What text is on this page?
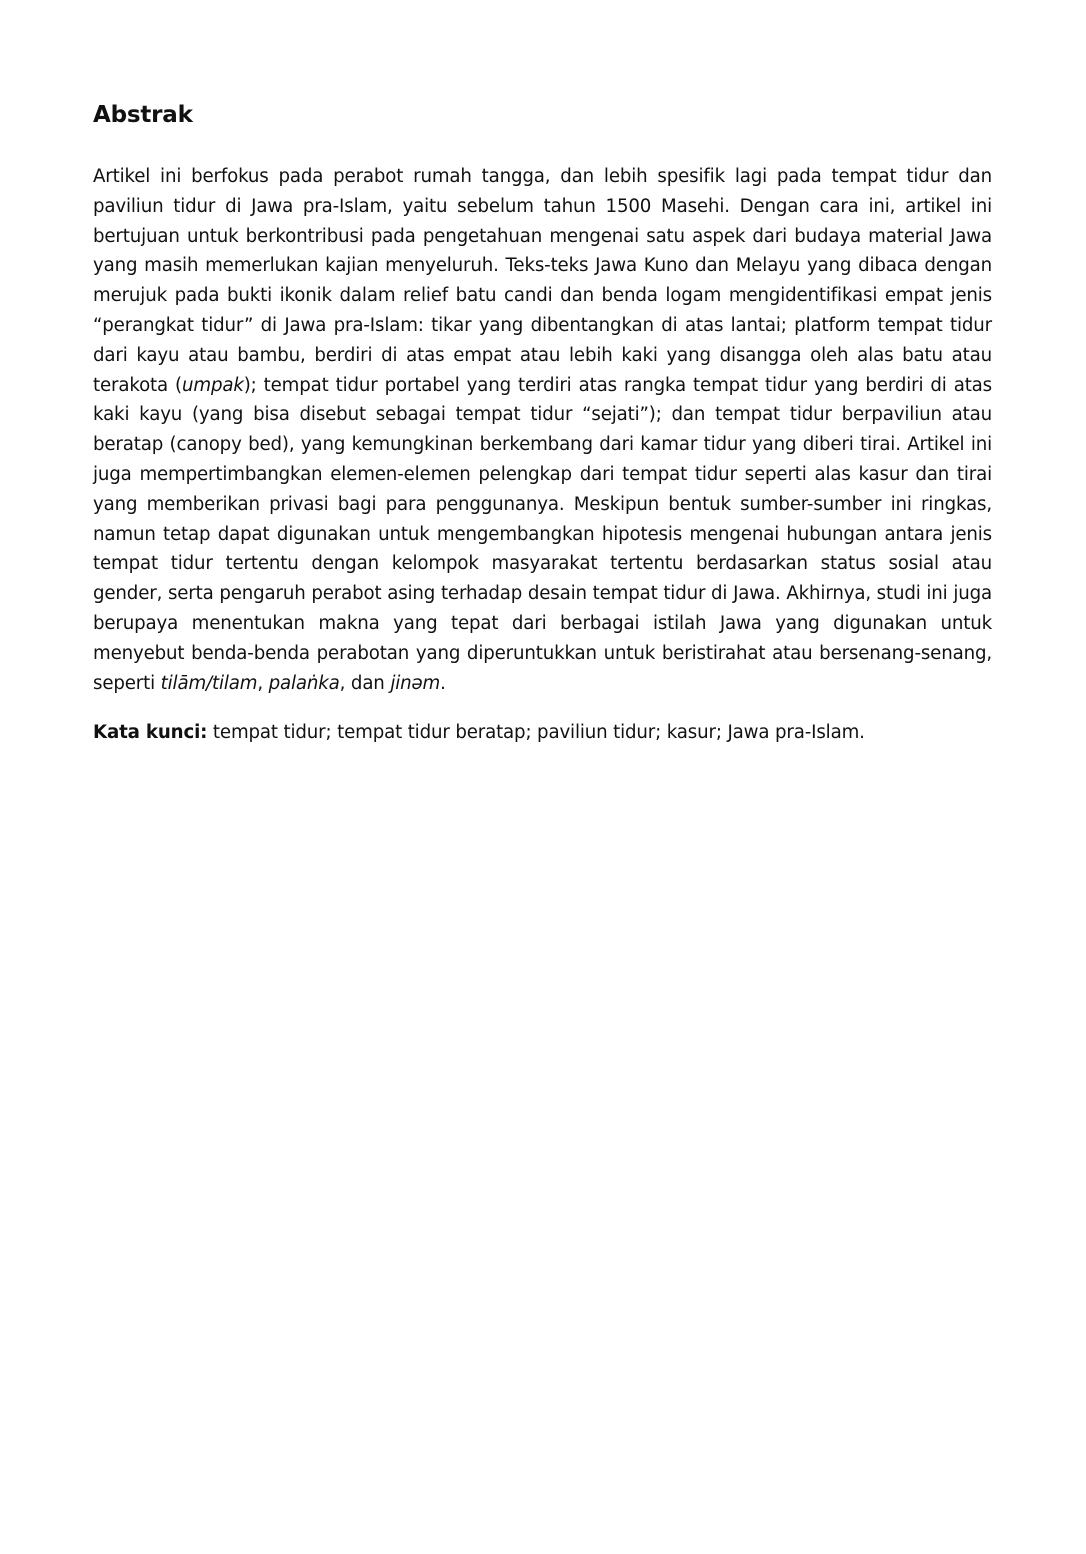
Abstrak

Artikel ini berfokus pada perabot rumah tangga, dan lebih spesifik lagi pada tempat tidur dan paviliun tidur di Jawa pra-Islam, yaitu sebelum tahun 1500 Masehi. Dengan cara ini, artikel ini bertujuan untuk berkontribusi pada pengetahuan mengenai satu aspek dari budaya material Jawa yang masih memerlukan kajian menyeluruh. Teks-teks Jawa Kuno dan Melayu yang dibaca dengan merujuk pada bukti ikonik dalam relief batu candi dan benda logam mengidentifikasi empat jenis “perangkat tidur” di Jawa pra-Islam: tikar yang dibentangkan di atas lantai; platform tempat tidur dari kayu atau bambu, berdiri di atas empat atau lebih kaki yang disangga oleh alas batu atau terakota (umpak); tempat tidur portabel yang terdiri atas rangka tempat tidur yang berdiri di atas kaki kayu (yang bisa disebut sebagai tempat tidur “sejati”); dan tempat tidur berpaviliun atau beratap (canopy bed), yang kemungkinan berkembang dari kamar tidur yang diberi tirai. Artikel ini juga mempertimbangkan elemen-elemen pelengkap dari tempat tidur seperti alas kasur dan tirai yang memberikan privasi bagi para penggunanya. Meskipun bentuk sumber-sumber ini ringkas, namun tetap dapat digunakan untuk mengembangkan hipotesis mengenai hubungan antara jenis tempat tidur tertentu dengan kelompok masyarakat tertentu berdasarkan status sosial atau gender, serta pengaruh perabot asing terhadap desain tempat tidur di Jawa. Akhirnya, studi ini juga berupaya menentukan makna yang tepat dari berbagai istilah Jawa yang digunakan untuk menyebut benda-benda perabotan yang diperuntukkan untuk beristirahat atau bersenang-senang, seperti tilām/tilam, palaṅka, dan jinəm.

Kata kunci: tempat tidur; tempat tidur beratap; paviliun tidur; kasur; Jawa pra-Islam.
